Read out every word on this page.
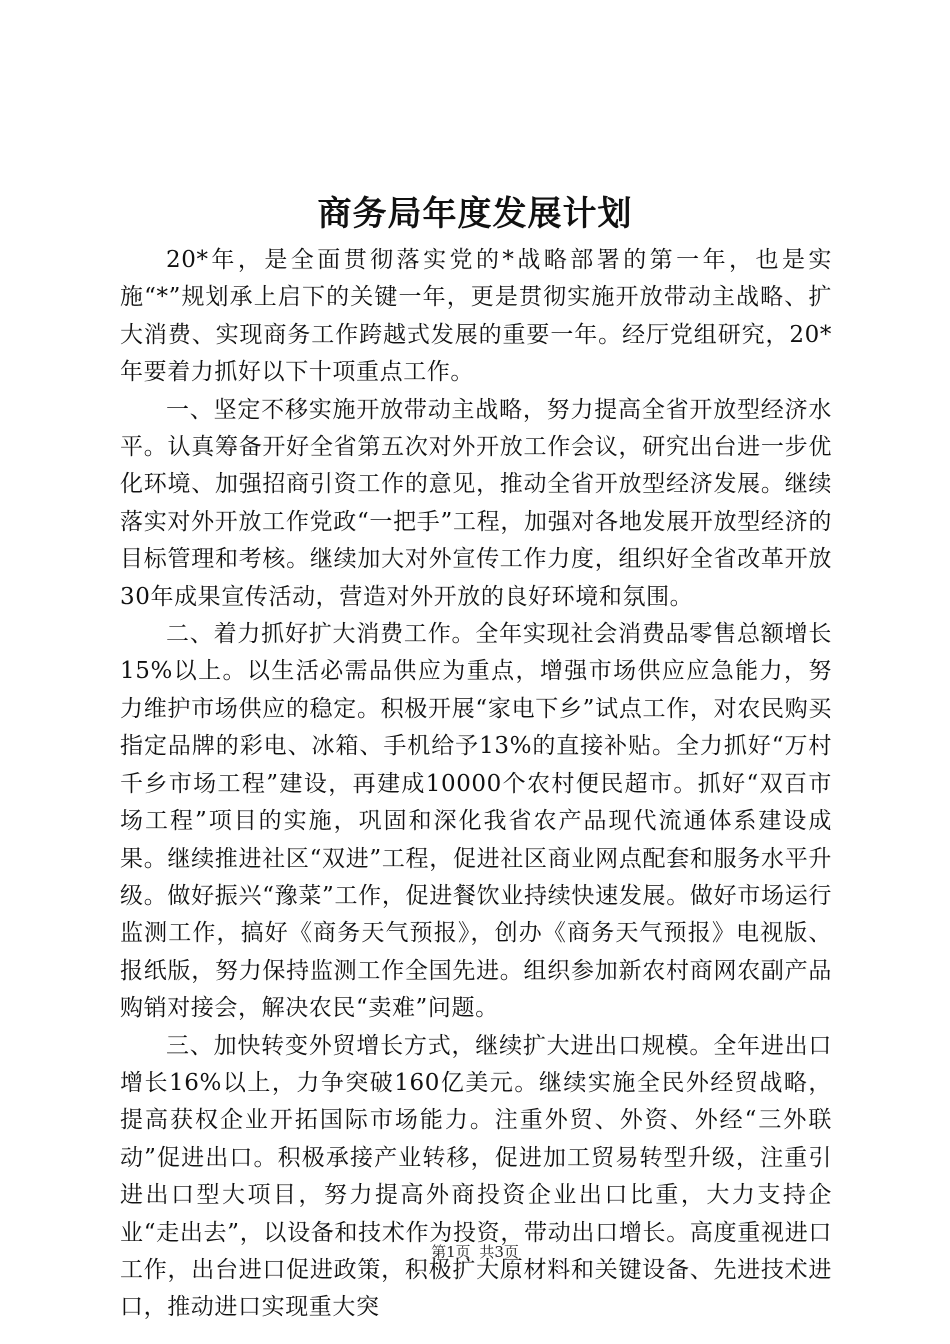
商务局年度发展计划

20*年，是全面贯彻落实党的*战略部署的第一年，也是实施“*”规划承上启下的关键一年，更是贯彻实施开放带动主战略、扩大消费、实现商务工作跨越式发展的重要一年。经厅党组研究，20*年要着力抓好以下十项重点工作。

一、坚定不移实施开放带动主战略，努力提高全省开放型经济水平。认真筹备开好全省第五次对外开放工作会议，研究出台进一步优化环境、加强招商引资工作的意见，推动全省开放型经济发展。继续落实对外开放工作党政“一把手”工程，加强对各地发展开放型经济的目标管理和考核。继续加大对外宣传工作力度，组织好全省改革开放30年成果宣传活动，营造对外开放的良好环境和氛围。

二、着力抓好扩大消费工作。全年实现社会消费品零售总额增长15%以上。以生活必需品供应为重点，增强市场供应应急能力，努力维护市场供应的稳定。积极开展“家电下乡”试点工作，对农民购买指定品牌的彩电、冰箱、手机给予13%的直接补贴。全力抓好“万村千乡市场工程”建设，再建成10000个农村便民超市。抓好“双百市场工程”项目的实施，巩固和深化我省农产品现代流通体系建设成果。继续推进社区“双进”工程，促进社区商业网点配套和服务水平升级。做好振兴“豫菜”工作，促进餐饮业持续快速发展。做好市场运行监测工作，搞好《商务天气预报》，创办《商务天气预报》电视版、报纸版，努力保持监测工作全国先进。组织参加新农村商网农副产品购销对接会，解决农民“卖难”问题。

三、加快转变外贸增长方式，继续扩大进出口规模。全年进出口增长16%以上，力争突破160亿美元。继续实施全民外经贸战略，提高获权企业开拓国际市场能力。注重外贸、外资、外经“三外联动”促进出口。积极承接产业转移，促进加工贸易转型升级，注重引进出口型大项目，努力提高外商投资企业出口比重，大力支持企业“走出去”，以设备和技术作为投资，带动出口增长。高度重视进口工作，出台进口促进政策，积极扩大原材料和关键设备、先进技术进口，推动进口实现重大突

第1页 共3页
